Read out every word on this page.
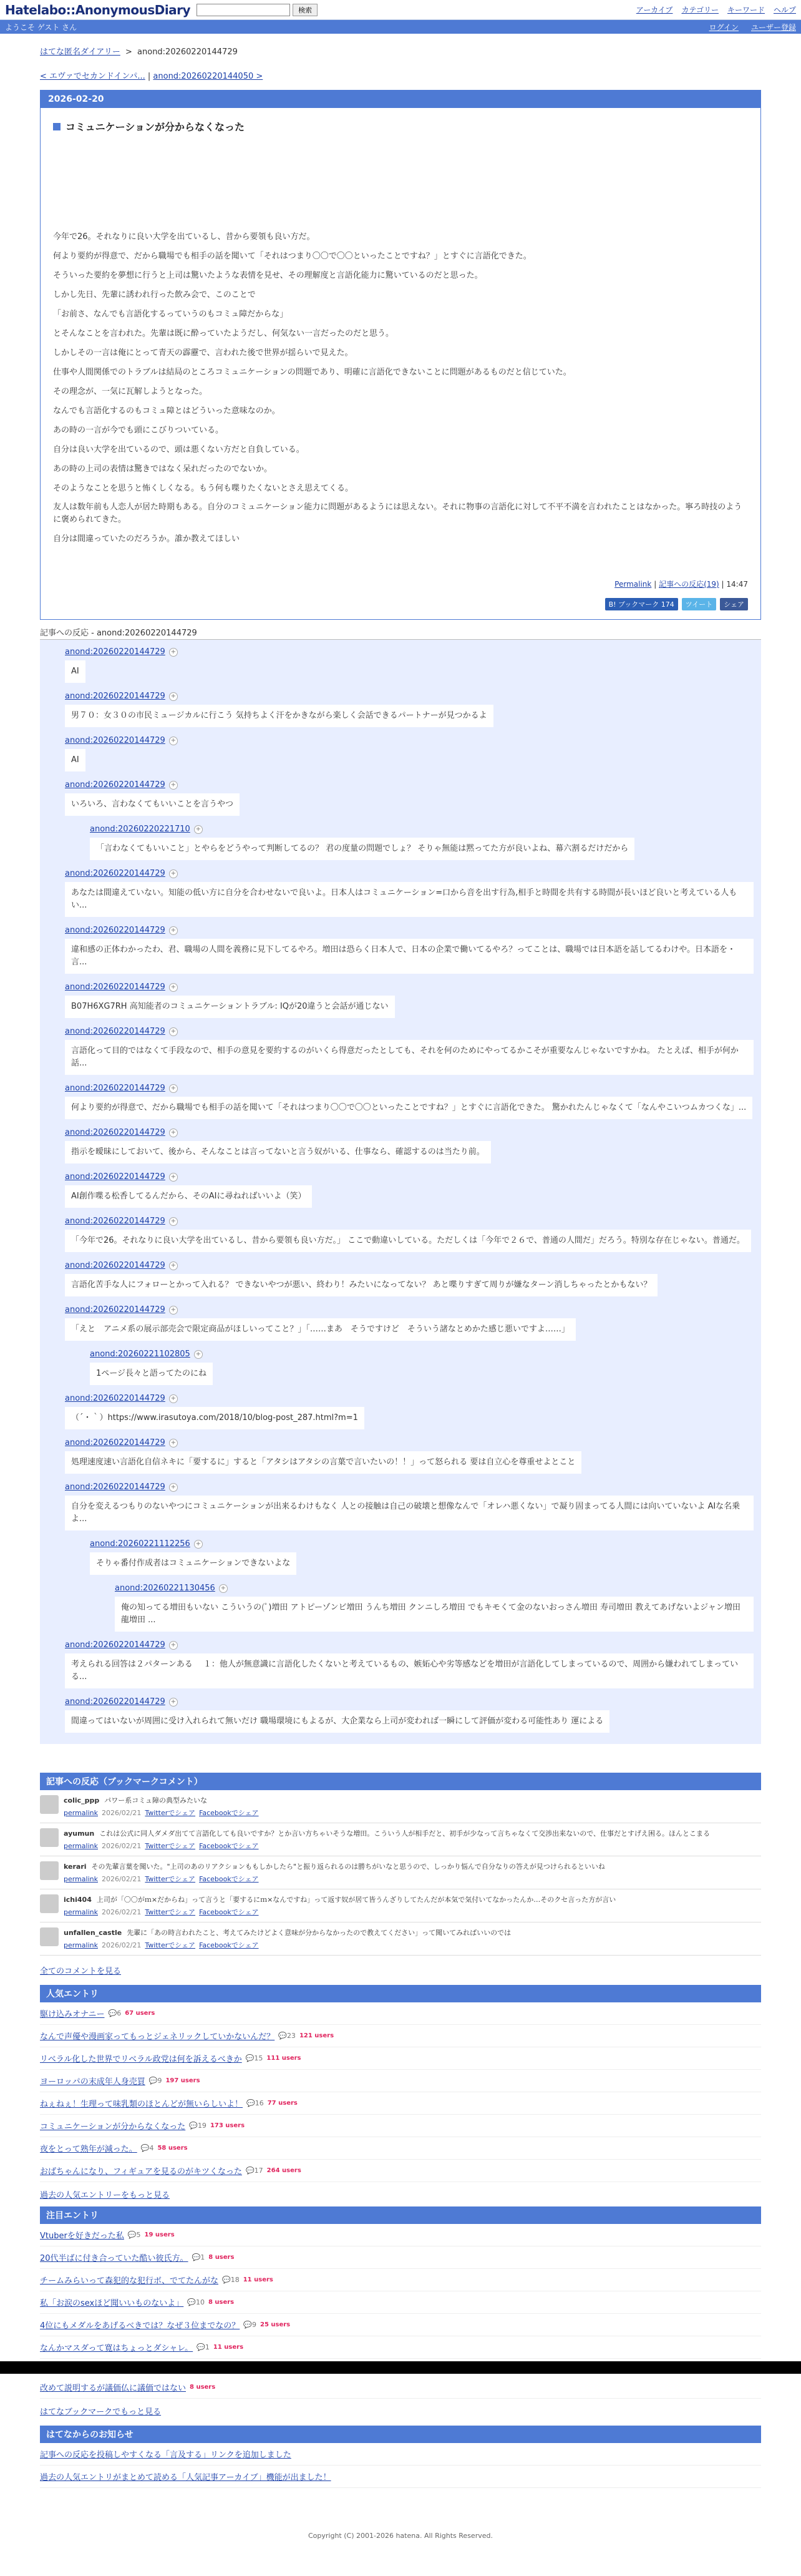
Hatelabo::AnonymousDiary	検索	アーカイブ カテゴリー キーワード ヘルプ
ようこそ ゲスト さん	ログイン ユーザー登録
はてな匿名ダイアリー > anond:20260220144729
< エヴァでセカンドインパ... | anond:20260220144050 >
2026-02-20
コミュニケーションが分からなくなった

今年で26。それなりに良い大学を出ているし、昔から要領も良い方だ。

何より要約が得意で、だから職場でも相手の話を聞いて「それはつまり〇〇で〇〇といったことですね？」とすぐに言語化できた。

そういった要約を夢想に行うと上司は驚いたような表情を見せ、その理解度と言語化能力に驚いているのだと思った。

しかし先日、先輩に誘われ行った飲み会で、このことで

「お前さ、なんでも言語化するっていうのもコミュ障だからな」

とそんなことを言われた。先輩は既に酔っていたようだし、何気ない一言だったのだと思う。

しかしその一言は俺にとって青天の霹靂で、言われた後で世界が揺らいで見えた。

仕事や人間関係でのトラブルは結局のところコミュニケーションの問題であり、明確に言語化できないことに問題があるものだと信じていた。

その理念が、一気に瓦解しようとなった。

なんでも言語化するのもコミュ障とはどういった意味なのか。

あの時の一言が今でも頭にこびりついている。

自分は良い大学を出ているので、頭は悪くない方だと自負している。

あの時の上司の表情は驚きではなく呆れだったのでないか。

そのようなことを思うと怖くしくなる。もう何も喋りたくないとさえ思えてくる。

友人は数年前も人恋人が居た時期もある。自分のコミュニケーション能力に問題があるようには思えない。それに物事の言語化に対して不平不満を言われたことはなかった。寧ろ時技のように褒められてきた。

自分は間違っていたのだろうか。誰か教えてほしい

Permalink | 記事への反応(19) | 14:47
B! ブックマーク 174	ツイート	シェア
記事への反応 - anond:20260220144729
anond:20260220144729 +
AI
anond:20260220144729 +
男７０：女３０の市民ミュージカルに行こう 気持ちよく汗をかきながら楽しく会話できるパートナーが見つかるよ
anond:20260220144729 +
AI
anond:20260220144729 +
いろいろ、言わなくてもいいことを言うやつ
anond:20260220221710 +
「言わなくてもいいこと」とやらをどうやって判断してるの？ 君の度量の問題でしょ？ そりゃ無能は黙ってた方が良いよね、幕六割るだけだから
anond:20260220144729 +
あなたは間違えていない。知能の低い方に自分を合わせないで良いよ。日本人はコミュニケーション=口から音を出す行為,相手と時間を共有する時間が長いほど良いと考えている人もい...
anond:20260220144729 +
違和感の正体わかったわ、君、職場の人間を義務に見下してるやろ。増田は恐らく日本人で、日本の企業で働いてるやろ？ってことは、職場では日本語を話してるわけや。日本語を・言...
anond:20260220144729 +
B07H6XG7RH 高知能者のコミュニケーショントラブル: IQが20違うと会話が通じない
anond:20260220144729 +
言語化って目的ではなくて手段なので、相手の意見を要約するのがいくら得意だったとしても、それを何のためにやってるかこそが重要なんじゃないですかね。 たとえば、相手が何か話...
anond:20260220144729 +
何より要約が得意で、だから職場でも相手の話を聞いて「それはつまり〇〇で〇〇といったことですね？」とすぐに言語化できた。 驚かれたんじゃなくて「なんやこいつムカつくな」...
anond:20260220144729 +
指示を曖昧にしておいて、後から、そんなことは言ってないと言う奴がいる、仕事なら、確認するのは当たり前。
anond:20260220144729 +
AI創作喋る松香してるんだから、そのAIに尋ねればいいよ（笑）
anond:20260220144729 +
「今年で26。それなりに良い大学を出ているし、昔から要領も良い方だ。」 ここで動違いしている。ただしくは「今年で２６で、普通の人間だ」だろう。特別な存在じゃない。普通だ。
anond:20260220144729 +
言語化苦手な人にフォローとかって入れる？ できないやつが悪い、終わり！みたいになってない？ あと喋りすぎて周りが嫌なターン消しちゃったとかもない？
anond:20260220144729 +
「えと　アニメ系の展示部売会で限定商品がほしいってこと？」「……まあ　そうですけど　そういう諸なとめかた感じ悪いですよ……」
anond:20260221102805 +
1ページ長々と語ってたのにね
anond:20260220144729 +
（´・｀）https://www.irasutoya.com/2018/10/blog-post_287.html?m=1
anond:20260220144729 +
処理速度速い言語化自信ネキに「要するに」すると「アタシはアタシの言葉で言いたいの！！」って怒られる 要は自立心を尊重せよとこと
anond:20260220144729 +
自分を変えるつもりのないやつにコミュニケーションが出来るわけもなく 人との接触は自己の破壊と想像なんで「オレハ悪くない」で凝り固まってる人間には向いていないよ AIな名乗よ...
anond:20260221112256 +
そりゃ番付作成者はコミュニケーションできないよな
anond:20260221130456 +
俺の知ってる増田もいない こういうの(ﾟ)増田 アトピーゾンビ増田 うんち増田 クンニしろ増田 でもキモくて金のないおっさん増田 寿司増田 教えてあげないよジャン増田 龍増田 ...
anond:20260220144729 +
考えられる回答は２パターンある 　１：他人が無意識に言語化したくないと考えているもの、嫉妬心や劣等感などを増田が言語化してしまっているので、周囲から嫌われてしまっている...
anond:20260220144729 +
間違ってはいないが周囲に受け入れられて無いだけ 職場環境にもよるが、大企業なら上司が変われば一瞬にして評価が変わる可能性あり 運による
記事への反応（ブックマークコメント）
colic_ppp パワー系コミュ障の典型みたいな
permalink 2026/02/21 Twitterでシェア Facebookでシェア
ayumun これは公式に同人ダメダ出てて言語化しても良いですか？とか言い方ちゃいそうな増田。こういう人が相手だと、初手が少なって言ちゃなくて交渉出来ないので、仕事だとすげえ困る。ほんとこまる
permalink 2026/02/21 Twitterでシェア Facebookでシェア
kerari その先輩言葉を聞いた。"上司のあのリアクションももしかしたら"と振り返られるのは勝ちがいなと思うので、しっかり悩んで自分なりの答えが見つけられるといいね
permalink 2026/02/21 Twitterでシェア Facebookでシェア
ichi404 上司が「〇〇がｍ×だからね」って言うと「要するにｍ×なんですね」って返す奴が居て皆うんざりしてたんだが本気で気付いてなかったんか…そのクセ言った方が言い
permalink 2026/02/21 Twitterでシェア Facebookでシェア
unfallen_castle 先輩に「あの時言われたこと、考えてみたけどよく意味が分からなかったので教えてください」って聞いてみればいいのでは
permalink 2026/02/21 Twitterでシェア Facebookでシェア
全てのコメントを見る
人気エントリ
駆け込みオナニー 💬6 67 users
なんで声優や漫画家ってもっとジェネリックしていかないんだ？ 💬23 121 users
リベラル化した世界でリベラル政党は何を訴えるべきか 💬15 111 users
ヨーロッパの末成年人身売買 💬9 197 users
ねぇねぇ！生理って味乳類のほとんどが無いらしいよ！ 💬16 77 users
コミュニケーションが分からなくなった 💬19 173 users
夜をとって熟年が減った。 💬4 58 users
おばちゃんになり、フィギュアを見るのがキツくなった 💬17 264 users
過去の人気エントリーをもっと見る
注目エントリ
Vtuberを好きだった私 💬5 19 users
20代半ばに付き合っていた酷い彼氏方。 💬1 8 users
チームみらいって森犯的な犯行ボ、でてたんがな 💬18 11 users
私「お涙のsexほど聞いいものないよ」 💬10 8 users
4位にもメダルをあげるべきでは？なぜ３位までなの？ 💬9 25 users
なんかマスダって寛はちょっとダシャレ。 💬1 11 users
改めて説明するが議価仏に議価ではない 8 users
はてなブックマークでもっと見る
はてなからのお知らせ
記事への反応を投稿しやすくなる「言及する」リンクを追加しました
過去の人気エントリがまとめて読める「人気記事アーカイブ」機能が出ました！
Copyright (C) 2001-2026 hatena. All Rights Reserved.
